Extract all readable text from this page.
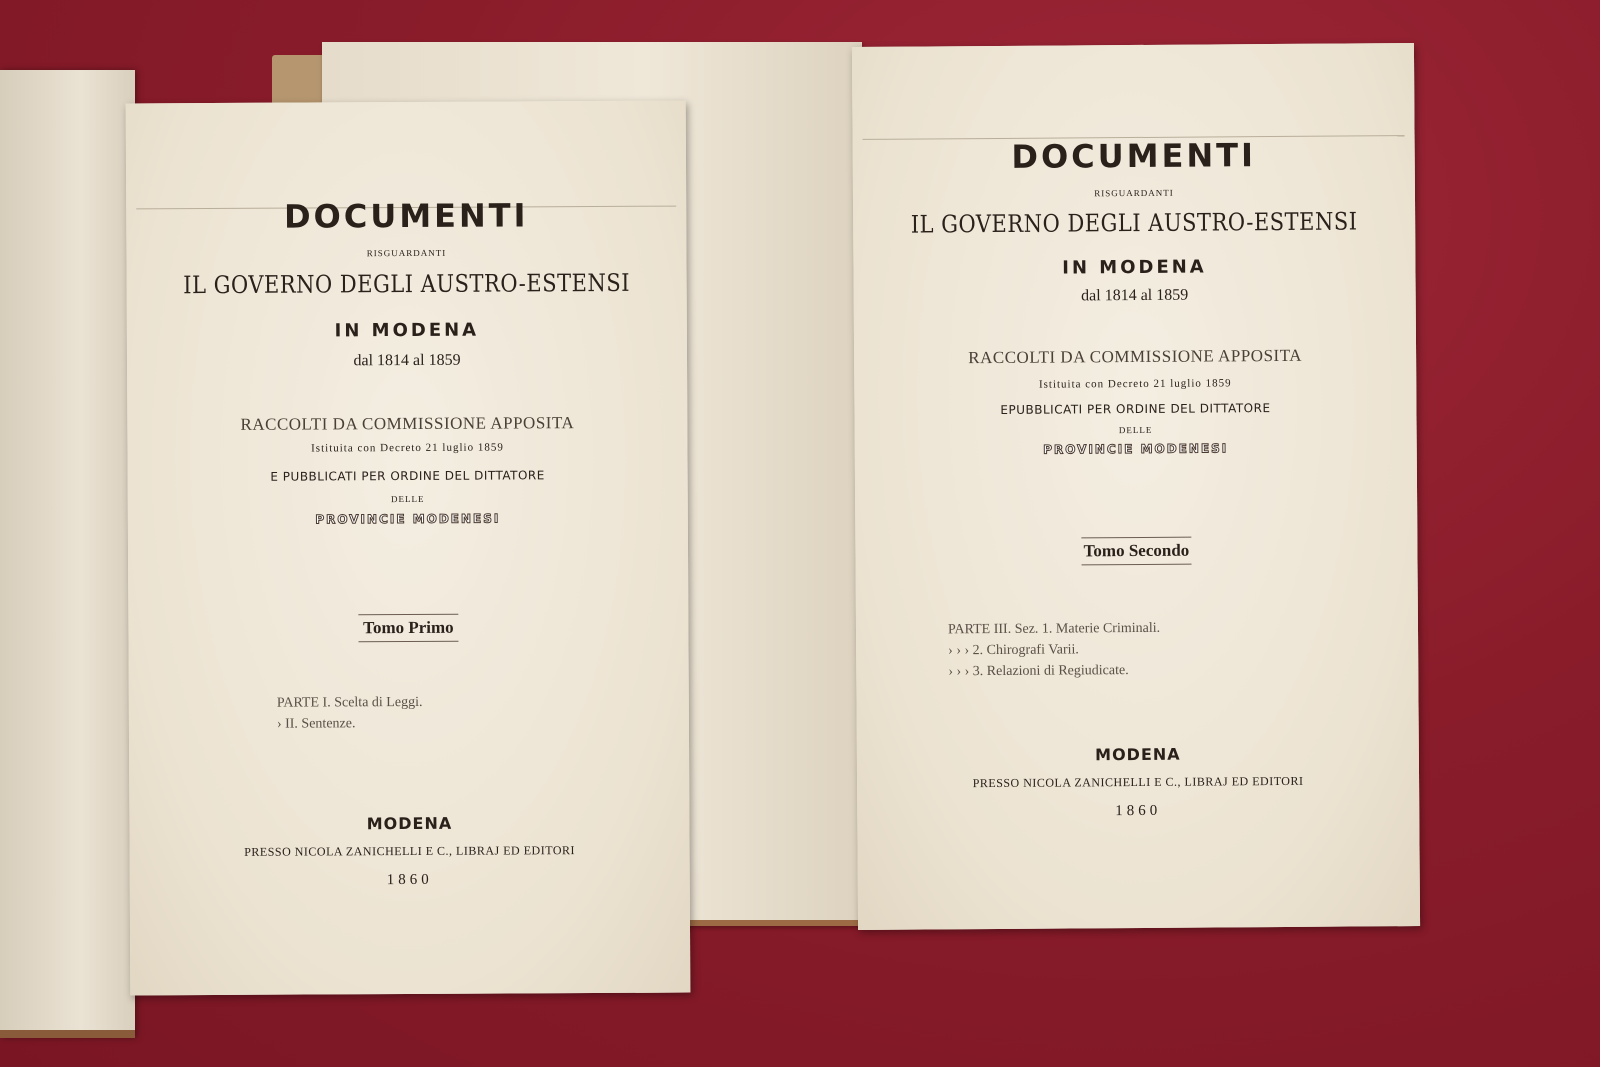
DOCUMENTI
RISGUARDANTI
IL GOVERNO DEGLI AUSTRO-ESTENSI
IN MODENA
dal 1814 al 1859
RACCOLTI DA COMMISSIONE APPOSITA
Istituita con Decreto 21 luglio 1859
E PUBBLICATI PER ORDINE DEL DITTATORE
DELLE
PROVINCIE MODENESI
Tomo Primo
PARTE I. Scelta di Leggi.
› II. Sentenze.
MODENA
PRESSO NICOLA ZANICHELLI E C., LIBRAJ ED EDITORI
1860
DOCUMENTI
RISGUARDANTI
IL GOVERNO DEGLI AUSTRO-ESTENSI
IN MODENA
dal 1814 al 1859
RACCOLTI DA COMMISSIONE APPOSITA
Istituita con Decreto 21 luglio 1859
EPUBBLICATI PER ORDINE DEL DITTATORE
DELLE
PROVINCIE MODENESI
Tomo Secondo
PARTE III. Sez. 1. Materie Criminali.
› › › 2. Chirografi Varii.
› › › 3. Relazioni di Regiudicate.
MODENA
PRESSO NICOLA ZANICHELLI E C., LIBRAJ ED EDITORI
1860
